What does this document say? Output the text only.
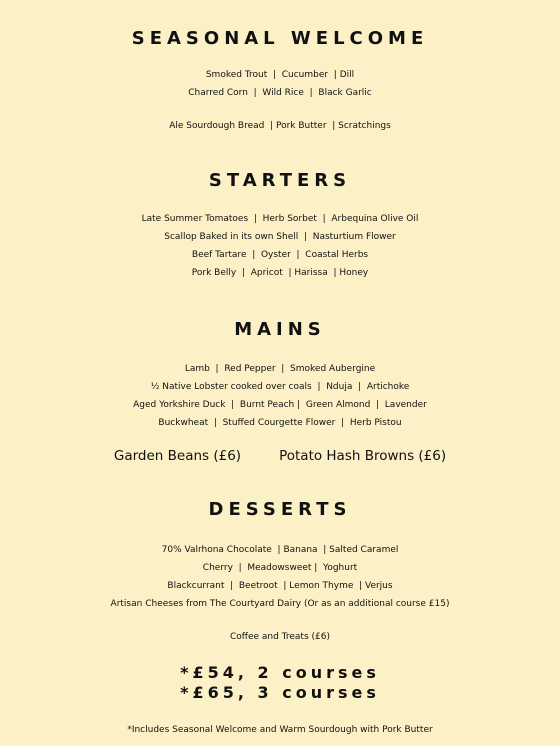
SEASONAL WELCOME

Smoked Trout  |  Cucumber  | Dill

Charred Corn  |  Wild Rice  |  Black Garlic

Ale Sourdough Bread  | Pork Butter  | Scratchings

STARTERS

Late Summer Tomatoes  |  Herb Sorbet  |  Arbequina Olive Oil

Scallop Baked in its own Shell  |  Nasturtium Flower

Beef Tartare  |  Oyster  |  Coastal Herbs

Pork Belly  |  Apricot  | Harissa  | Honey

MAINS

Lamb  |  Red Pepper  |  Smoked Aubergine

½ Native Lobster cooked over coals  |  Nduja  |  Artichoke

Aged Yorkshire Duck  |  Burnt Peach |  Green Almond  |  Lavender

Buckwheat  |  Stuffed Courgette Flower  |  Herb Pistou

Garden Beans (£6)	Potato Hash Browns (£6)
DESSERTS

70% Valrhona Chocolate  | Banana  | Salted Caramel

Cherry  |  Meadowsweet |  Yoghurt

Blackcurrant  |  Beetroot  | Lemon Thyme  | Verjus

Artisan Cheeses from The Courtyard Dairy (Or as an additional course £15)

Coffee and Treats (£6)

*£54, 2 courses
*£65, 3 courses

*Includes Seasonal Welcome and Warm Sourdough with Pork Butter
